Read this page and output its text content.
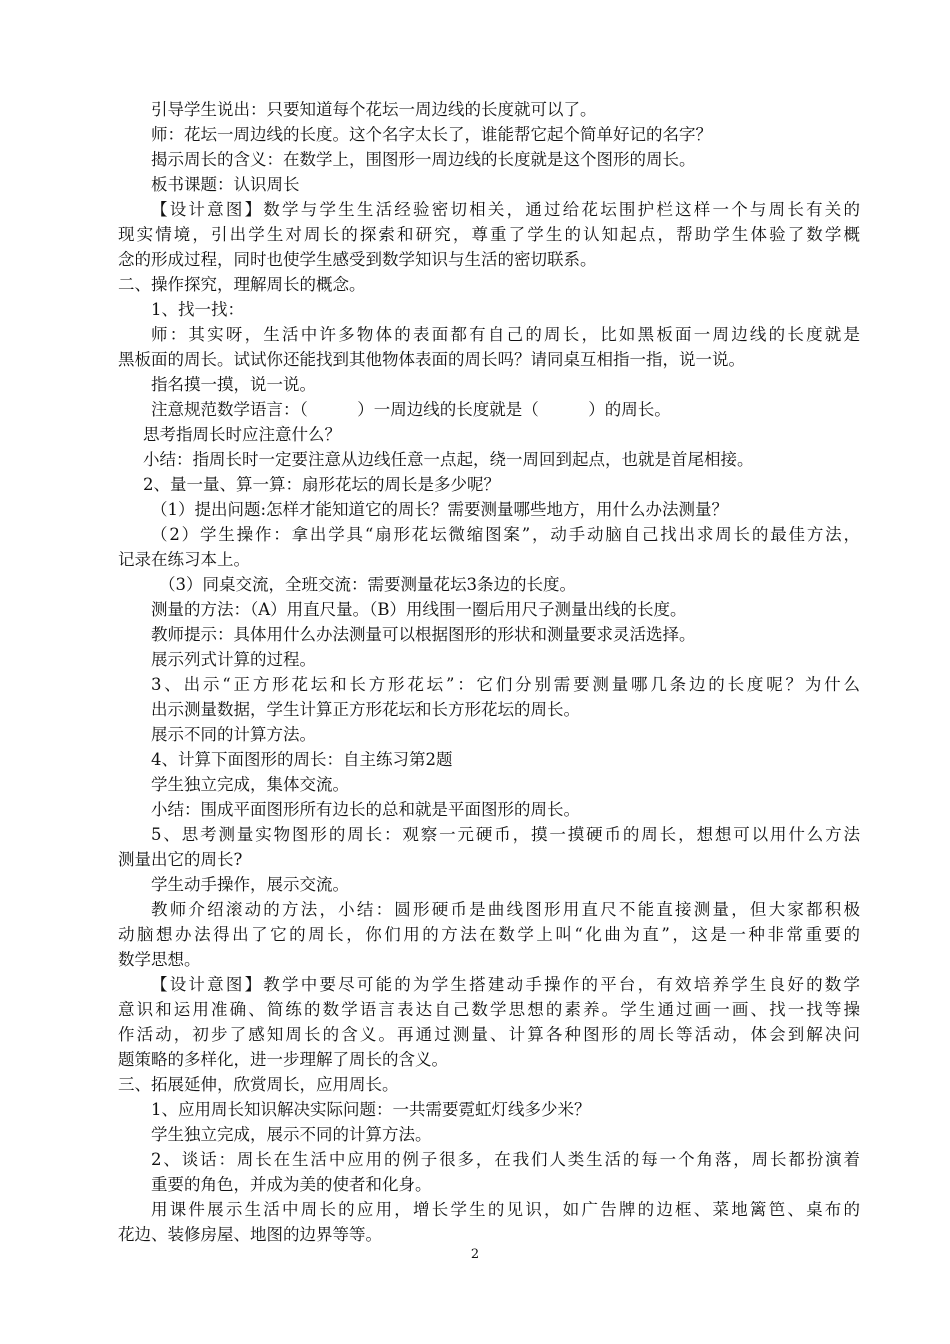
引导学生说出：只要知道每个花坛一周边线的长度就可以了。
师：花坛一周边线的长度。这个名字太长了，谁能帮它起个简单好记的名字？
揭示周长的含义：在数学上，围图形一周边线的长度就是这个图形的周长。
板书课题：认识周长
【设计意图】数学与学生生活经验密切相关，通过给花坛围护栏这样一个与周长有关的
现实情境，引出学生对周长的探索和研究，尊重了学生的认知起点，帮助学生体验了数学概
念的形成过程，同时也使学生感受到数学知识与生活的密切联系。
二、操作探究，理解周长的概念。
1、找一找：
师：其实呀，生活中许多物体的表面都有自己的周长，比如黑板面一周边线的长度就是
黑板面的周长。试试你还能找到其他物体表面的周长吗？请同桌互相指一指，说一说。
指名摸一摸，说一说。
注意规范数学语言：（　　　）一周边线的长度就是（　　　）的周长。
思考指周长时应注意什么？
小结：指周长时一定要注意从边线任意一点起，绕一周回到起点，也就是首尾相接。
2、量一量、算一算：扇形花坛的周长是多少呢？
（1）提出问题:怎样才能知道它的周长？需要测量哪些地方，用什么办法测量？
（2）学生操作：拿出学具“扇形花坛微缩图案”，动手动脑自己找出求周长的最佳方法，
记录在练习本上。
（3）同桌交流，全班交流：需要测量花坛3条边的长度。
测量的方法：（A）用直尺量。（B）用线围一圈后用尺子测量出线的长度。
教师提示：具体用什么办法测量可以根据图形的形状和测量要求灵活选择。
展示列式计算的过程。
3、出示“正方形花坛和长方形花坛”：它们分别需要测量哪几条边的长度呢？为什么
出示测量数据，学生计算正方形花坛和长方形花坛的周长。
展示不同的计算方法。
4、计算下面图形的周长：自主练习第2题
学生独立完成，集体交流。
小结：围成平面图形所有边长的总和就是平面图形的周长。
5、思考测量实物图形的周长：观察一元硬币，摸一摸硬币的周长，想想可以用什么方法
测量出它的周长?
学生动手操作，展示交流。
教师介绍滚动的方法，小结：圆形硬币是曲线图形用直尺不能直接测量，但大家都积极
动脑想办法得出了它的周长，你们用的方法在数学上叫“化曲为直”，这是一种非常重要的
数学思想。
【设计意图】教学中要尽可能的为学生搭建动手操作的平台，有效培养学生良好的数学
意识和运用准确、简练的数学语言表达自己数学思想的素养。学生通过画一画、找一找等操
作活动，初步了感知周长的含义。再通过测量、计算各种图形的周长等活动，体会到解决问
题策略的多样化，进一步理解了周长的含义。
三、拓展延伸，欣赏周长，应用周长。
1、应用周长知识解决实际问题：一共需要霓虹灯线多少米？
学生独立完成，展示不同的计算方法。
2、谈话：周长在生活中应用的例子很多，在我们人类生活的每一个角落，周长都扮演着
重要的角色，并成为美的使者和化身。
用课件展示生活中周长的应用，增长学生的见识，如广告牌的边框、菜地篱笆、桌布的
花边、装修房屋、地图的边界等等。
2
